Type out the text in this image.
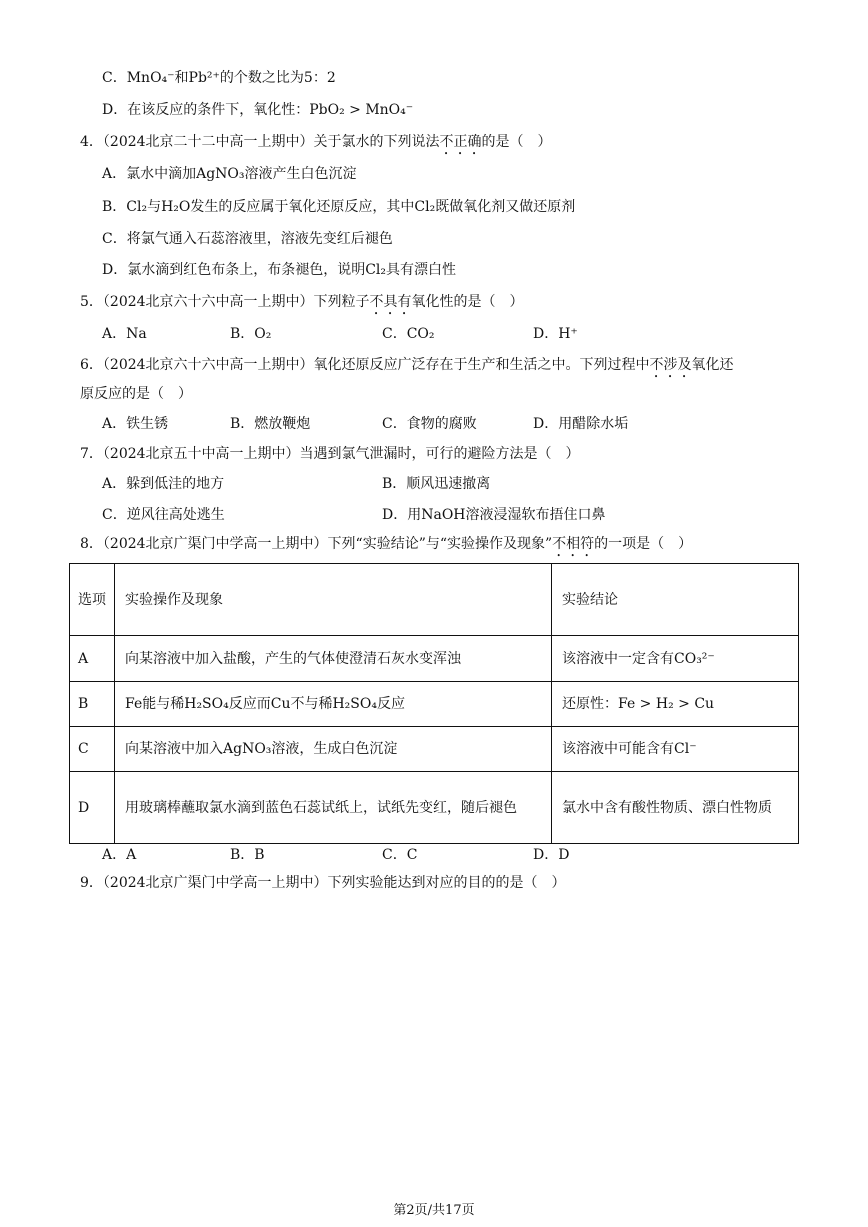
C．MnO₄⁻和Pb²⁺的个数之比为5：2
D．在该反应的条件下，氧化性：PbO₂ > MnO₄⁻
4．（2024北京二十二中高一上期中）关于氯水的下列说法不正确的是（　）
A．氯水中滴加AgNO₃溶液产生白色沉淀
B．Cl₂与H₂O发生的反应属于氧化还原反应，其中Cl₂既做氧化剂又做还原剂
C．将氯气通入石蕊溶液里，溶液先变红后褪色
D．氯水滴到红色布条上，布条褪色，说明Cl₂具有漂白性
5．（2024北京六十六中高一上期中）下列粒子不具有氧化性的是（　）
A．Na	B．O₂	C．CO₂	D．H⁺
6．（2024北京六十六中高一上期中）氧化还原反应广泛存在于生产和生活之中。下列过程中不涉及氧化还
原反应的是（　）
A．铁生锈	B．燃放鞭炮	C．食物的腐败	D．用醋除水垢
7．（2024北京五十中高一上期中）当遇到氯气泄漏时，可行的避险方法是（　）
A．躲到低洼的地方	B．顺风迅速撤离
C．逆风往高处逃生	D．用NaOH溶液浸湿软布捂住口鼻
8．（2024北京广渠门中学高一上期中）下列“实验结论”与“实验操作及现象”不相符的一项是（　）
选项	实验操作及现象	实验结论
A	向某溶液中加入盐酸，产生的气体使澄清石灰水变浑浊	该溶液中一定含有CO₃²⁻
B	Fe能与稀H₂SO₄反应而Cu不与稀H₂SO₄反应	还原性：Fe > H₂ > Cu
C	向某溶液中加入AgNO₃溶液，生成白色沉淀	该溶液中可能含有Cl⁻
D	用玻璃棒蘸取氯水滴到蓝色石蕊试纸上，试纸先变红，随后褪色	氯水中含有酸性物质、漂白性物质
A．A	B．B	C．C	D．D
9．（2024北京广渠门中学高一上期中）下列实验能达到对应的目的的是（　）
第2页/共17页
